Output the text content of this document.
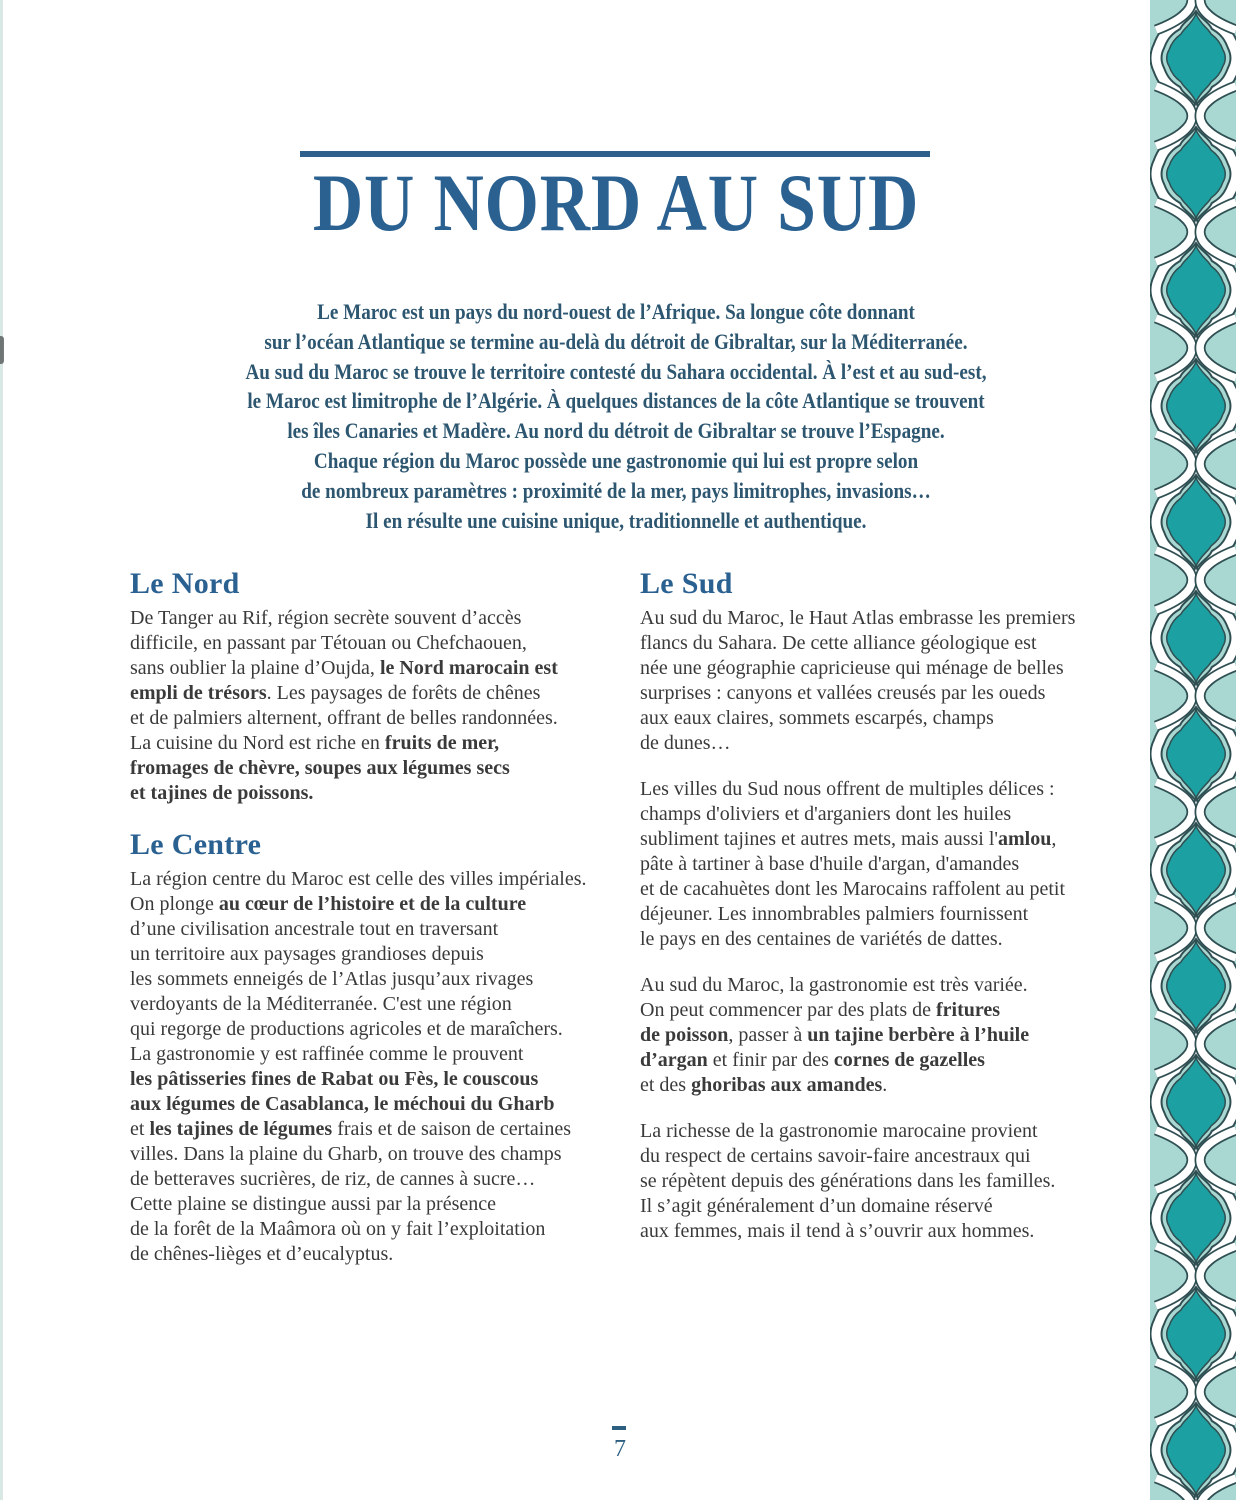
DU NORD AU SUD
Le Maroc est un pays du nord-ouest de l’Afrique. Sa longue côte donnant
sur l’océan Atlantique se termine au-delà du détroit de Gibraltar, sur la Méditerranée.
Au sud du Maroc se trouve le territoire contesté du Sahara occidental. À l’est et au sud-est,
le Maroc est limitrophe de l’Algérie. À quelques distances de la côte Atlantique se trouvent
les îles Canaries et Madère. Au nord du détroit de Gibraltar se trouve l’Espagne.
Chaque région du Maroc possède une gastronomie qui lui est propre selon
de nombreux paramètres : proximité de la mer, pays limitrophes, invasions…
Il en résulte une cuisine unique, traditionnelle et authentique.
Le Nord
De Tanger au Rif, région secrète souvent d’accès
difficile, en passant par Tétouan ou Chefchaouen,
sans oublier la plaine d’Oujda, le Nord marocain est
empli de trésors. Les paysages de forêts de chênes
et de palmiers alternent, offrant de belles randonnées.
La cuisine du Nord est riche en fruits de mer,
fromages de chèvre, soupes aux légumes secs
et tajines de poissons.
Le Centre
La région centre du Maroc est celle des villes impériales.
On plonge au cœur de l’histoire et de la culture
d’une civilisation ancestrale tout en traversant
un territoire aux paysages grandioses depuis
les sommets enneigés de l’Atlas jusqu’aux rivages
verdoyants de la Méditerranée. C'est une région
qui regorge de productions agricoles et de maraîchers.
La gastronomie y est raffinée comme le prouvent
les pâtisseries fines de Rabat ou Fès, le couscous
aux légumes de Casablanca, le méchoui du Gharb
et les tajines de légumes frais et de saison de certaines
villes. Dans la plaine du Gharb, on trouve des champs
de betteraves sucrières, de riz, de cannes à sucre…
Cette plaine se distingue aussi par la présence
de la forêt de la Maâmora où on y fait l’exploitation
de chênes-lièges et d’eucalyptus.
Le Sud
Au sud du Maroc, le Haut Atlas embrasse les premiers
flancs du Sahara. De cette alliance géologique est
née une géographie capricieuse qui ménage de belles
surprises : canyons et vallées creusés par les oueds
aux eaux claires, sommets escarpés, champs
de dunes…
Les villes du Sud nous offrent de multiples délices :
champs d'oliviers et d'arganiers dont les huiles
subliment tajines et autres mets, mais aussi l'amlou,
pâte à tartiner à base d'huile d'argan, d'amandes
et de cacahuètes dont les Marocains raffolent au petit
déjeuner. Les innombrables palmiers fournissent
le pays en des centaines de variétés de dattes.
Au sud du Maroc, la gastronomie est très variée.
On peut commencer par des plats de fritures
de poisson, passer à un tajine berbère à l’huile
d’argan et finir par des cornes de gazelles
et des ghoribas aux amandes.
La richesse de la gastronomie marocaine provient
du respect de certains savoir-faire ancestraux qui
se répètent depuis des générations dans les familles.
Il s’agit généralement d’un domaine réservé
aux femmes, mais il tend à s’ouvrir aux hommes.
7
